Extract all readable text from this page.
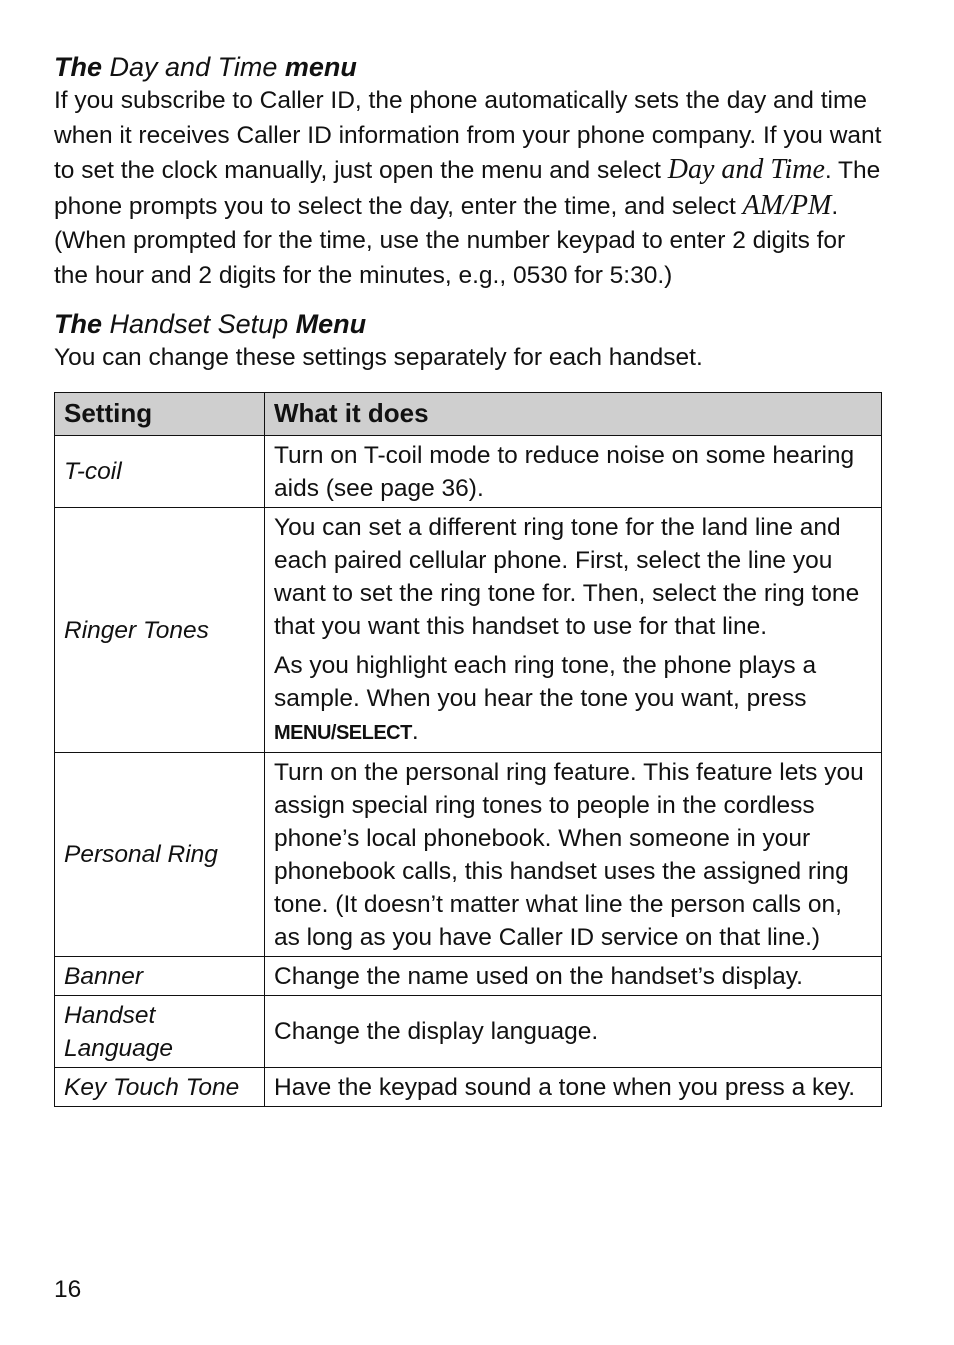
The Day and Time menu

If you subscribe to Caller ID, the phone automatically sets the day and time when it receives Caller ID information from your phone company. If you want to set the clock manually, just open the menu and select Day and Time. The phone prompts you to select the day, enter the time, and select AM/PM. (When prompted for the time, use the number keypad to enter 2 digits for the hour and 2 digits for the minutes, e.g., 0530 for 5:30.)

The Handset Setup Menu

You can change these settings separately for each handset.

Setting	What it does
T-coil	Turn on T-coil mode to reduce noise on some hearing aids (see page 36).

Ringer Tones	You can set a different ring tone for the land line and each paired cellular phone. First, select the line you want to set the ring tone for. Then, select the ring tone that you want this handset to use for that line.

As you highlight each ring tone, the phone plays a sample. When you hear the tone you want, press MENU/SELECT.

Personal Ring	Turn on the personal ring feature. This feature lets you assign special ring tones to people in the cordless phone’s local phonebook. When someone in your phonebook calls, this handset uses the assigned ring tone. (It doesn’t matter what line the person calls on, as long as you have Caller ID service on that line.)

Banner	Change the name used on the handset’s display.

Handset Language	Change the display language.

Key Touch Tone	Have the keypad sound a tone when you press a key.

16
